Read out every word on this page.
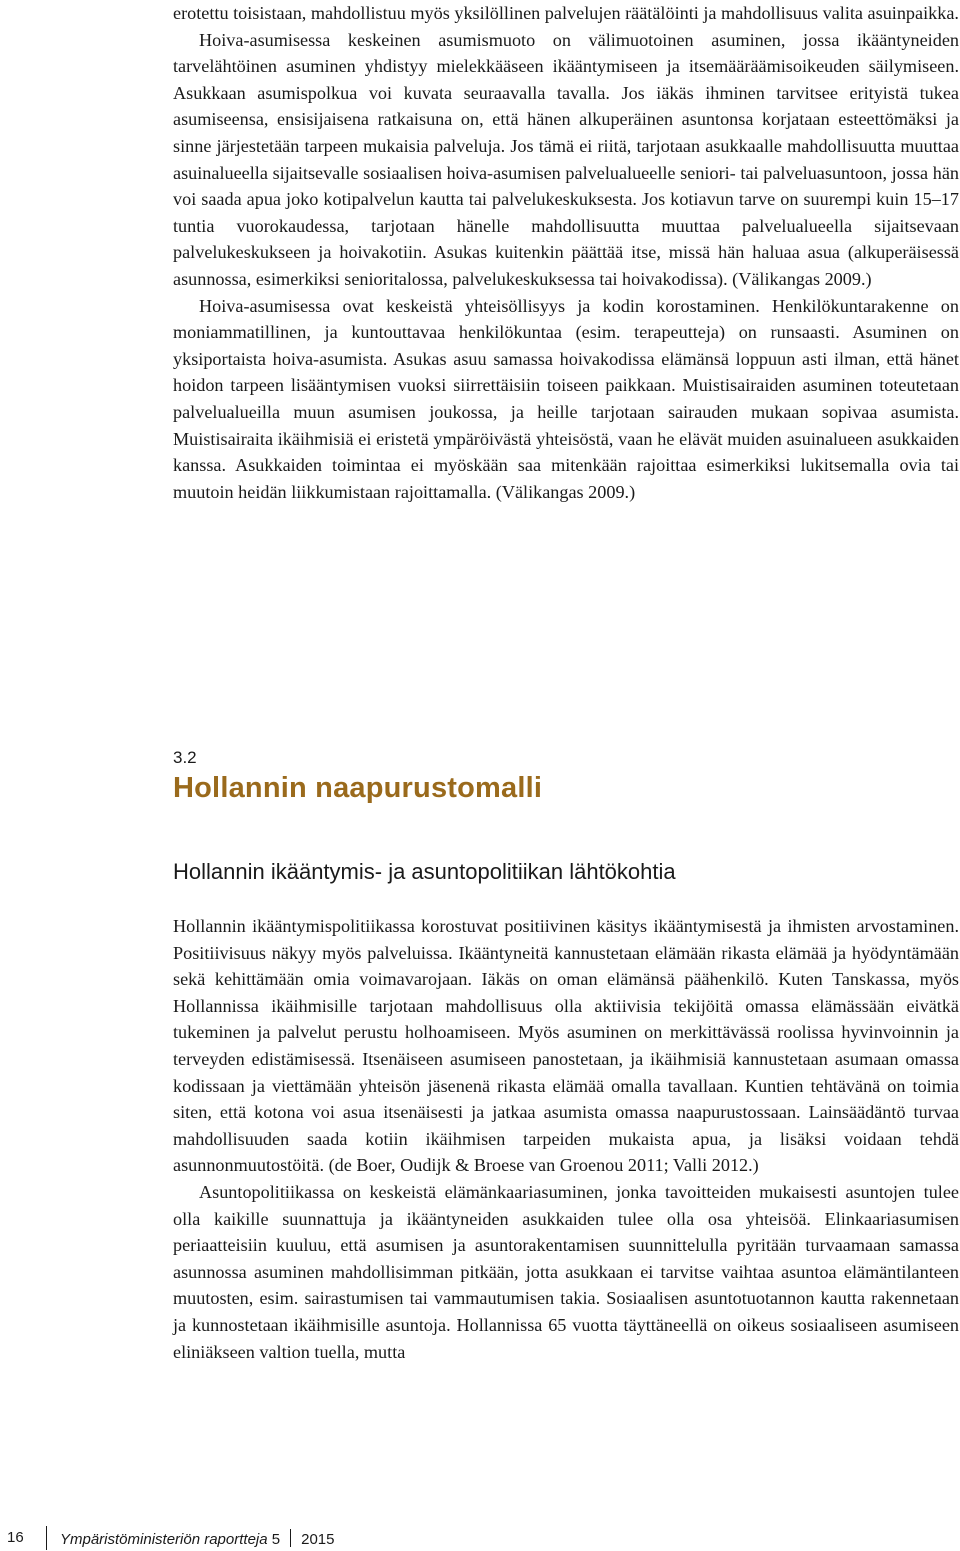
erotettu toisistaan, mahdollistuu myös yksilöllinen palvelujen räätälöinti ja mahdollisuus valita asuinpaikka.

Hoiva-asumisessa keskeinen asumismuoto on välimuotoinen asuminen, jossa ikääntyneiden tarvelähtöinen asuminen yhdistyy mielekkääseen ikääntymiseen ja itsemääräämisoikeuden säilymiseen. Asukkaan asumispolkua voi kuvata seuraavalla tavalla. Jos iäkäs ihminen tarvitsee erityistä tukea asumiseensa, ensisijaisena ratkaisuna on, että hänen alkuperäinen asuntonsa korjataan esteettömäksi ja sinne järjestetään tarpeen mukaisia palveluja. Jos tämä ei riitä, tarjotaan asukkaalle mahdollisuutta muuttaa asuinalueella sijaitsevalle sosiaalisen hoiva-asumisen palvelualueelle seniori- tai palveluasuntoon, jossa hän voi saada apua joko kotipalvelun kautta tai palvelukeskuksesta. Jos kotiavun tarve on suurempi kuin 15–17 tuntia vuorokaudessa, tarjotaan hänelle mahdollisuutta muuttaa palvelualueella sijaitsevaan palvelukeskukseen ja hoivakotiin. Asukas kuitenkin päättää itse, missä hän haluaa asua (alkuperäisessä asunnossa, esimerkiksi senioritalossa, palvelukeskuksessa tai hoivakodissa). (Välikangas 2009.)

Hoiva-asumisessa ovat keskeistä yhteisöllisyys ja kodin korostaminen. Henkilökuntarakenne on moniammatillinen, ja kuntouttavaa henkilökuntaa (esim. terapeutteja) on runsaasti. Asuminen on yksiportaista hoiva-asumista. Asukas asuu samassa hoivakodissa elämänsä loppuun asti ilman, että hänet hoidon tarpeen lisääntymisen vuoksi siirrettäisiin toiseen paikkaan. Muistisairaiden asuminen toteutetaan palvelualueilla muun asumisen joukossa, ja heille tarjotaan sairauden mukaan sopivaa asumista. Muistisairaita ikäihmisiä ei eristetä ympäröivästä yhteisöstä, vaan he elävät muiden asuinalueen asukkaiden kanssa. Asukkaiden toimintaa ei myöskään saa mitenkään rajoittaa esimerkiksi lukitsemalla ovia tai muutoin heidän liikkumistaan rajoittamalla. (Välikangas 2009.)

3.2

Hollannin naapurustomalli
Hollannin ikääntymis- ja asuntopolitiikan lähtökohtia

Hollannin ikääntymispolitiikassa korostuvat positiivinen käsitys ikääntymisestä ja ihmisten arvostaminen. Positiivisuus näkyy myös palveluissa. Ikääntyneitä kannustetaan elämään rikasta elämää ja hyödyntämään sekä kehittämään omia voimavarojaan. Iäkäs on oman elämänsä päähenkilö. Kuten Tanskassa, myös Hollannissa ikäihmisille tarjotaan mahdollisuus olla aktiivisia tekijöitä omassa elämässään eivätkä tukeminen ja palvelut perustu holhoamiseen. Myös asuminen on merkittävässä roolissa hyvinvoinnin ja terveyden edistämisessä. Itsenäiseen asumiseen panostetaan, ja ikäihmisiä kannustetaan asumaan omassa kodissaan ja viettämään yhteisön jäsenenä rikasta elämää omalla tavallaan. Kuntien tehtävänä on toimia siten, että kotona voi asua itsenäisesti ja jatkaa asumista omassa naapurustossaan. Lainsäädäntö turvaa mahdollisuuden saada kotiin ikäihmisen tarpeiden mukaista apua, ja lisäksi voidaan tehdä asunnonmuutostöitä. (de Boer, Oudijk & Broese van Groenou 2011; Valli 2012.)

Asuntopolitiikassa on keskeistä elämänkaariasuminen, jonka tavoitteiden mukaisesti asuntojen tulee olla kaikille suunnattuja ja ikääntyneiden asukkaiden tulee olla osa yhteisöä. Elinkaariasumisen periaatteisiin kuuluu, että asumisen ja asuntorakentamisen suunnittelulla pyritään turvaamaan samassa asunnossa asuminen mahdollisimman pitkään, jotta asukkaan ei tarvitse vaihtaa asuntoa elämäntilanteen muutosten, esim. sairastumisen tai vammautumisen takia. Sosiaalisen asuntotuotannon kautta rakennetaan ja kunnostetaan ikäihmisille asuntoja. Hollannissa 65 vuotta täyttäneellä on oikeus sosiaaliseen asumiseen eliniäkseen valtion tuella, mutta

16 Ympäristöministeriön raportteja 5 2015
